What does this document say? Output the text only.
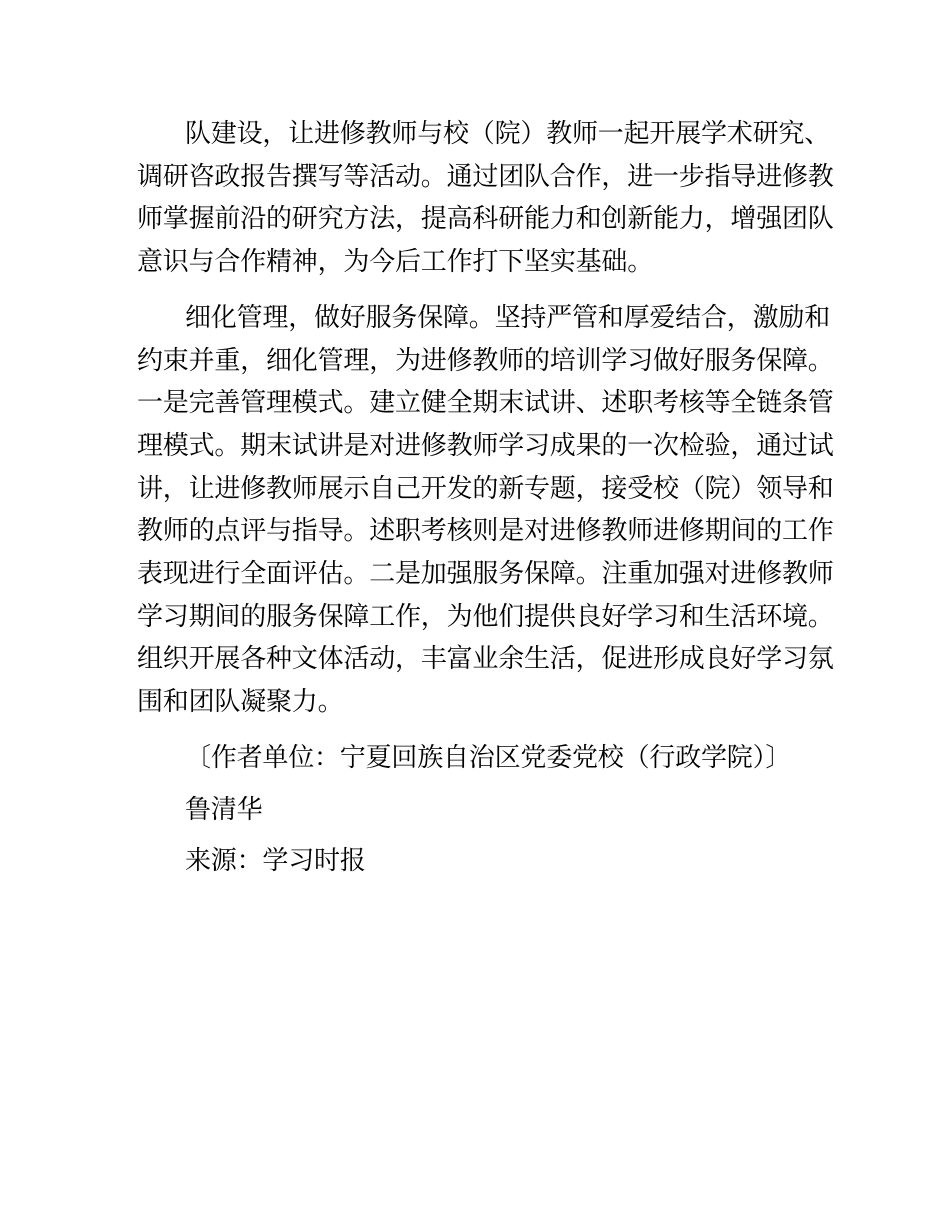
队建设，让进修教师与校（院）教师一起开展学术研究、
调研咨政报告撰写等活动。通过团队合作，进一步指导进修教
师掌握前沿的研究方法，提高科研能力和创新能力，增强团队
意识与合作精神，为今后工作打下坚实基础。
细化管理，做好服务保障。坚持严管和厚爱结合，激励和
约束并重，细化管理，为进修教师的培训学习做好服务保障。
一是完善管理模式。建立健全期末试讲、述职考核等全链条管
理模式。期末试讲是对进修教师学习成果的一次检验，通过试
讲，让进修教师展示自己开发的新专题，接受校（院）领导和
教师的点评与指导。述职考核则是对进修教师进修期间的工作
表现进行全面评估。二是加强服务保障。注重加强对进修教师
学习期间的服务保障工作，为他们提供良好学习和生活环境。
组织开展各种文体活动，丰富业余生活，促进形成良好学习氛
围和团队凝聚力。
〔作者单位：宁夏回族自治区党委党校（行政学院）〕
鲁清华
来源：学习时报
